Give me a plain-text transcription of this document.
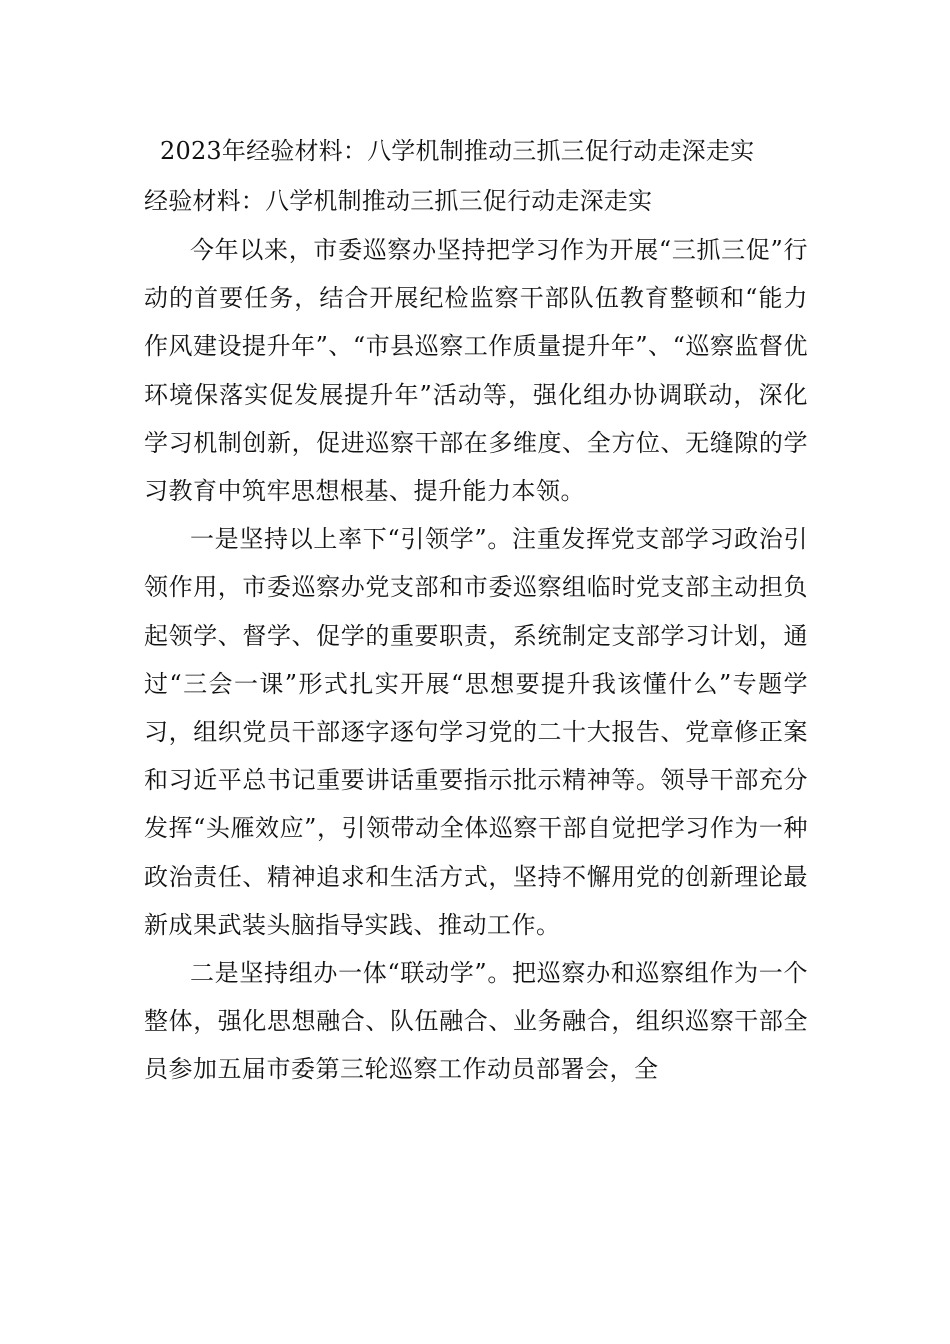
2023年经验材料：八学机制推动三抓三促行动走深走实
经验材料：八学机制推动三抓三促行动走深走实

今年以来，市委巡察办坚持把学习作为开展“三抓三促”行动的首要任务，结合开展纪检监察干部队伍教育整顿和“能力作风建设提升年”、“市县巡察工作质量提升年”、“巡察监督优环境保落实促发展提升年”活动等，强化组办协调联动，深化学习机制创新，促进巡察干部在多维度、全方位、无缝隙的学习教育中筑牢思想根基、提升能力本领。

一是坚持以上率下“引领学”。注重发挥党支部学习政治引领作用，市委巡察办党支部和市委巡察组临时党支部主动担负起领学、督学、促学的重要职责，系统制定支部学习计划，通过“三会一课”形式扎实开展“思想要提升我该懂什么”专题学习，组织党员干部逐字逐句学习党的二十大报告、党章修正案和习近平总书记重要讲话重要指示批示精神等。领导干部充分发挥“头雁效应”，引领带动全体巡察干部自觉把学习作为一种政治责任、精神追求和生活方式，坚持不懈用党的创新理论最新成果武装头脑指导实践、推动工作。

二是坚持组办一体“联动学”。把巡察办和巡察组作为一个整体，强化思想融合、队伍融合、业务融合，组织巡察干部全员参加五届市委第三轮巡察工作动员部署会，全
